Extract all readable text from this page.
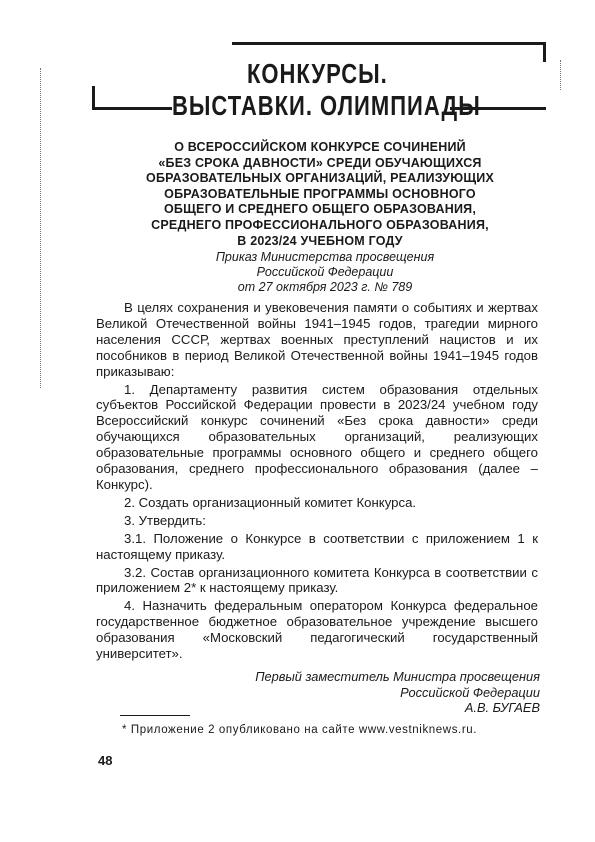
КОНКУРСЫ.
ВЫСТАВКИ. ОЛИМПИАДЫ
О ВСЕРОССИЙСКОМ КОНКУРСЕ СОЧИНЕНИЙ
«БЕЗ СРОКА ДАВНОСТИ» СРЕДИ ОБУЧАЮЩИХСЯ
ОБРАЗОВАТЕЛЬНЫХ ОРГАНИЗАЦИЙ, РЕАЛИЗУЮЩИХ
ОБРАЗОВАТЕЛЬНЫЕ ПРОГРАММЫ ОСНОВНОГО
ОБЩЕГО И СРЕДНЕГО ОБЩЕГО ОБРАЗОВАНИЯ,
СРЕДНЕГО ПРОФЕССИОНАЛЬНОГО ОБРАЗОВАНИЯ,
В 2023/24 УЧЕБНОМ ГОДУ
Приказ Министерства просвещения
Российской Федерации
от 27 октября 2023 г. № 789

В целях сохранения и увековечения памяти о событиях и жертвах Великой Отечественной войны 1941–1945 годов, трагедии мирного населения СССР, жертвах военных преступлений нацистов и их пособников в период Великой Отечественной войны 1941–1945 годов приказываю:

1. Департаменту развития систем образования отдельных субъектов Российской Федерации провести в 2023/24 учебном году Всероссийский конкурс сочинений «Без срока давности» среди обучающихся образовательных организаций, реализующих образовательные программы основного общего и среднего общего образования, среднего профессионального образования (далее – Конкурс).

2. Создать организационный комитет Конкурса.

3. Утвердить:

3.1. Положение о Конкурсе в соответствии с приложением 1 к настоящему приказу.

3.2. Состав организационного комитета Конкурса в соответствии с приложением 2* к настоящему приказу.

4. Назначить федеральным оператором Конкурса федеральное государственное бюджетное образовательное учреждение высшего образования «Московский педагогический государственный университет».

Первый заместитель Министра просвещения
Российской Федерации
А.В. БУГАЕВ
* Приложение 2 опубликовано на сайте www.vestniknews.ru.
48
